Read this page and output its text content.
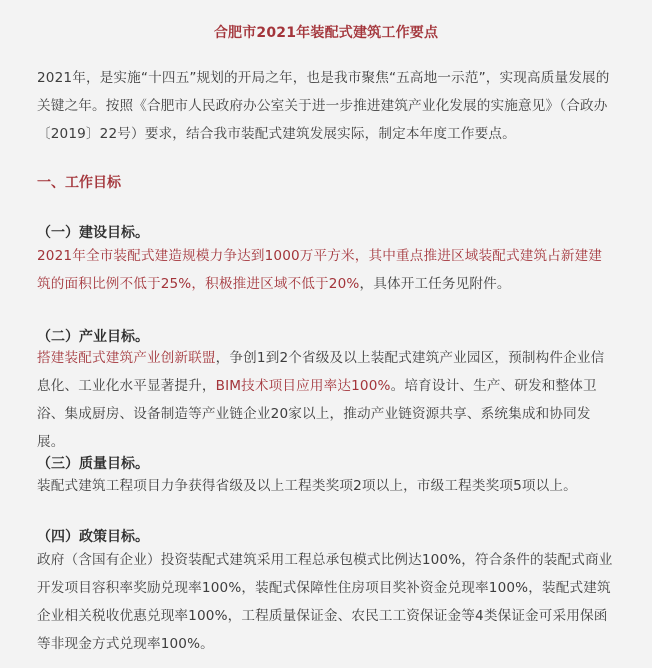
合肥市2021年装配式建筑工作要点
2021年，是实施“十四五”规划的开局之年，也是我市聚焦“五高地一示范”，实现高质量发展的关键之年。按照《合肥市人民政府办公室关于进一步推进建筑产业化发展的实施意见》（合政办〔2019〕22号）要求，结合我市装配式建筑发展实际，制定本年度工作要点。
一、工作目标
（一）建设目标。
2021年全市装配式建造规模力争达到1000万平方米，其中重点推进区域装配式建筑占新建建筑的面积比例不低于25%，积极推进区域不低于20%，具体开工任务见附件。
（二）产业目标。
搭建装配式建筑产业创新联盟，争创1到2个省级及以上装配式建筑产业园区，预制构件企业信息化、工业化水平显著提升，BIM技术项目应用率达100%。培育设计、生产、研发和整体卫浴、集成厨房、设备制造等产业链企业20家以上，推动产业链资源共享、系统集成和协同发展。
（三）质量目标。
装配式建筑工程项目力争获得省级及以上工程类奖项2项以上，市级工程类奖项5项以上。
（四）政策目标。
政府（含国有企业）投资装配式建筑采用工程总承包模式比例达100%，符合条件的装配式商业开发项目容积率奖励兑现率100%，装配式保障性住房项目奖补资金兑现率100%，装配式建筑企业相关税收优惠兑现率100%，工程质量保证金、农民工工资保证金等4类保证金可采用保函等非现金方式兑现率100%。
